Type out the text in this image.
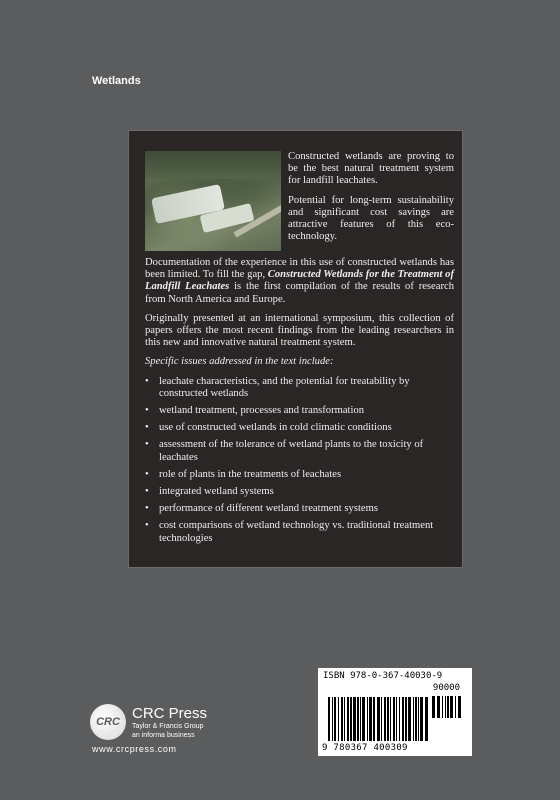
Wetlands

Constructed wetlands are proving to be the best natural treatment system for landfill leachates.

Potential for long-term sustainability and significant cost savings are attractive features of this eco-technology.

Documentation of the experience in this use of constructed wetlands has been limited. To fill the gap, Constructed Wetlands for the Treatment of Landfill Leachates is the first compilation of the results of research from North America and Europe.

Originally presented at an international symposium, this collection of papers offers the most recent findings from the leading researchers in this new and innovative natural treatment system.

Specific issues addressed in the text include:

• leachate characteristics, and the potential for treatability by constructed wetlands
• wetland treatment, processes and transformation
• use of constructed wetlands in cold climatic conditions
• assessment of the tolerance of wetland plants to the toxicity of leachates
• role of plants in the treatments of leachates
• integrated wetland systems
• performance of different wetland treatment systems
• cost comparisons of wetland technology vs. traditional treatment technologies
CRC CRC Press
Taylor & Francis Group
an informa business
www.crcpress.com
ISBN 978-0-367-40030-9
90000
9 780367 400309
